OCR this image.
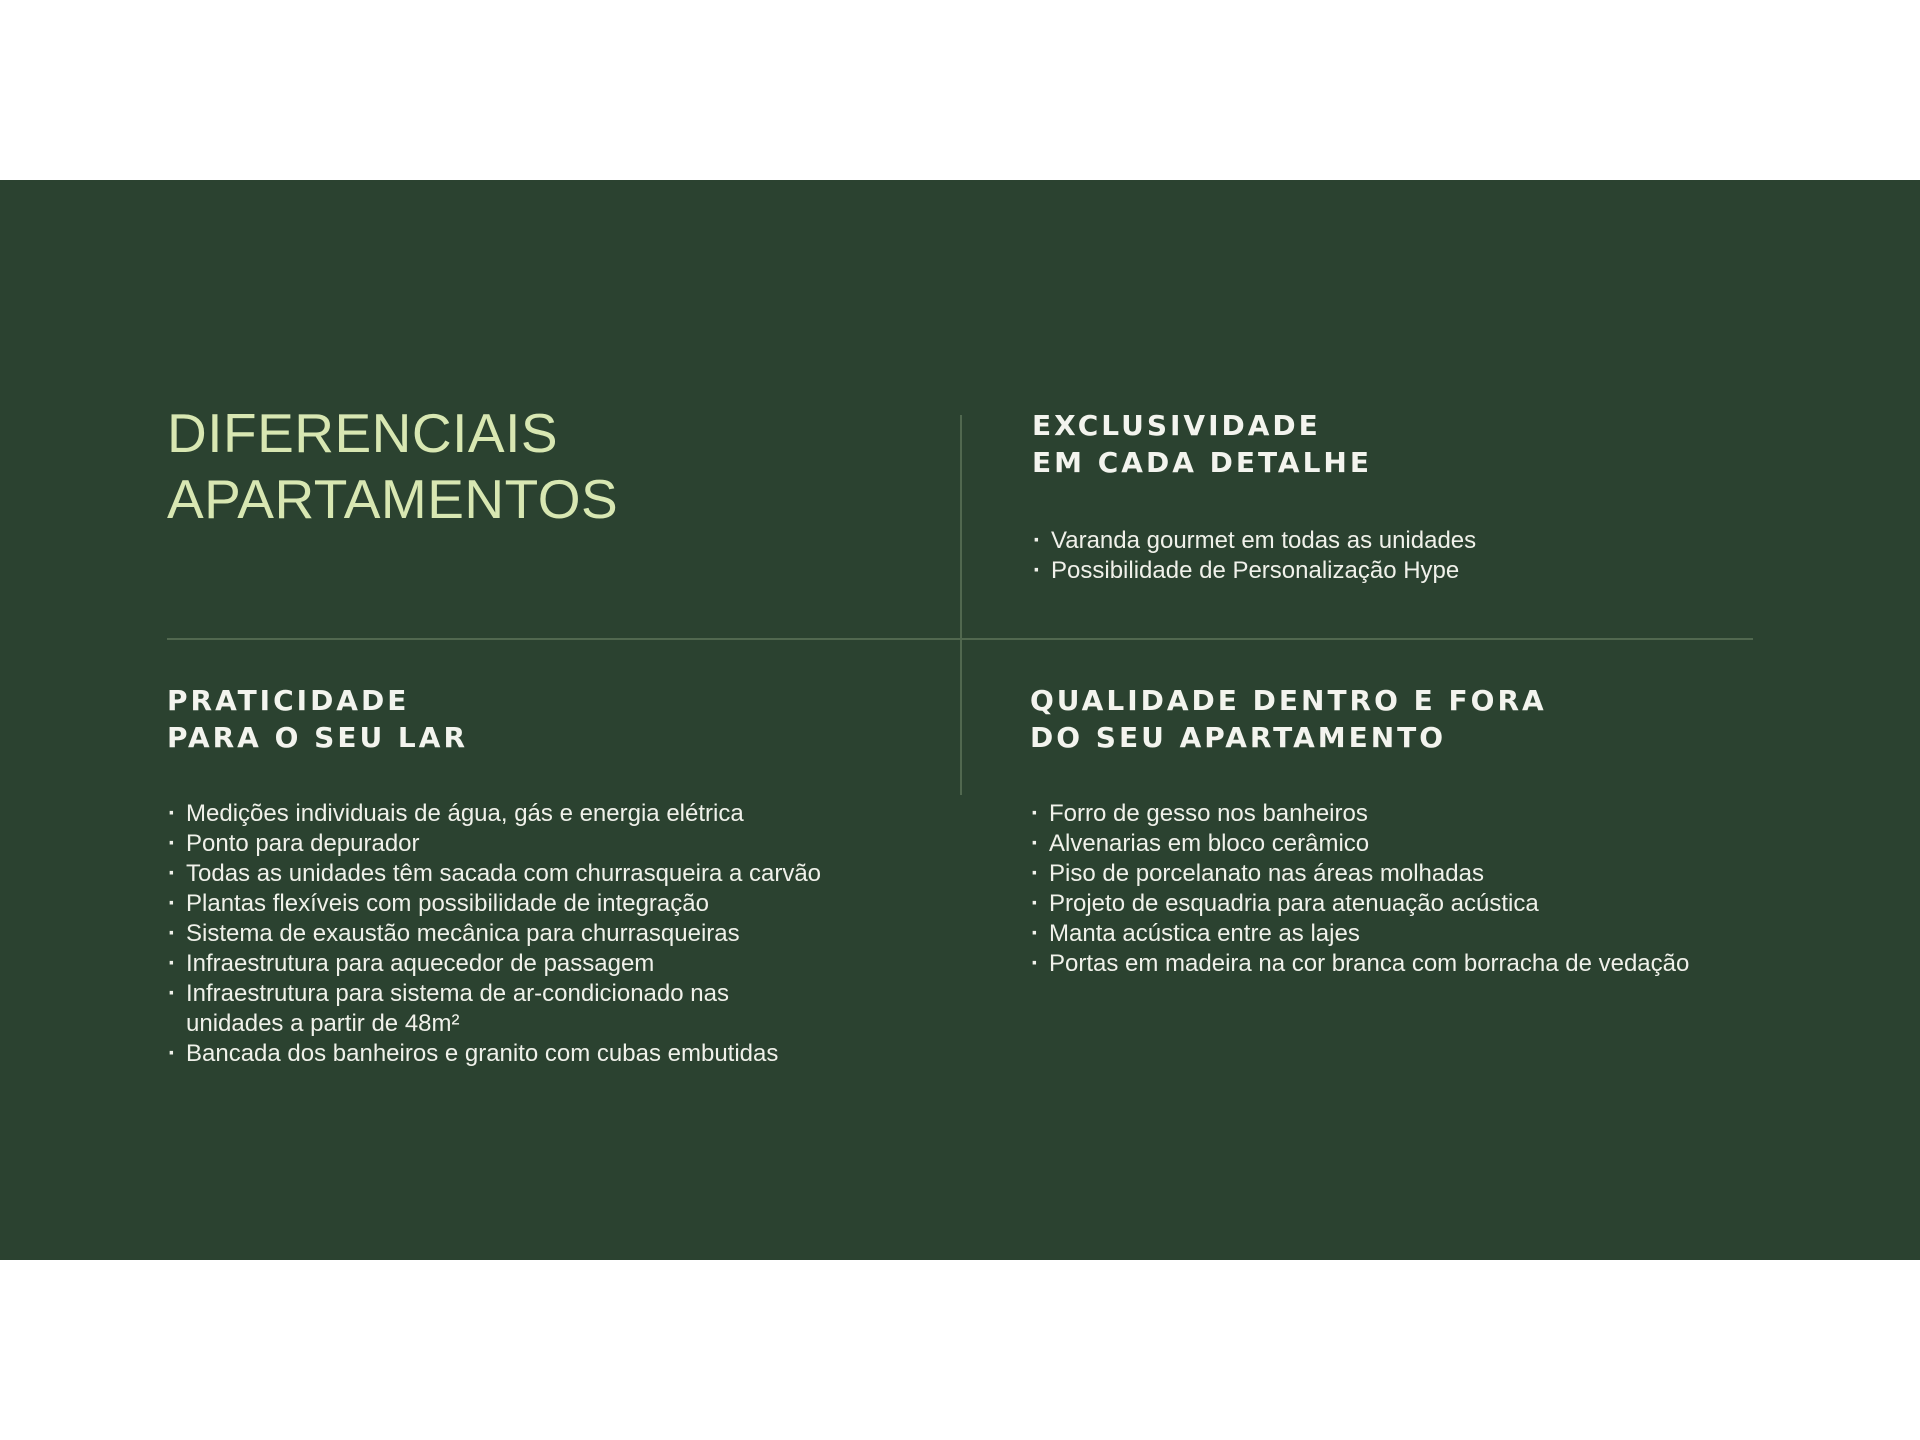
DIFERENCIAIS
APARTAMENTOS
EXCLUSIVIDADE
EM CADA DETALHE
· Varanda gourmet em todas as unidades
· Possibilidade de Personalização Hype
PRATICIDADE
PARA O SEU LAR
· Medições individuais de água, gás e energia elétrica
· Ponto para depurador
· Todas as unidades têm sacada com churrasqueira a carvão
· Plantas flexíveis com possibilidade de integração
· Sistema de exaustão mecânica para churrasqueiras
· Infraestrutura para aquecedor de passagem
· Infraestrutura para sistema de ar-condicionado nas unidades a partir de 48m²
· Bancada dos banheiros e granito com cubas embutidas
QUALIDADE DENTRO E FORA
DO SEU APARTAMENTO
· Forro de gesso nos banheiros
· Alvenarias em bloco cerâmico
· Piso de porcelanato nas áreas molhadas
· Projeto de esquadria para atenuação acústica
· Manta acústica entre as lajes
· Portas em madeira na cor branca com borracha de vedação
